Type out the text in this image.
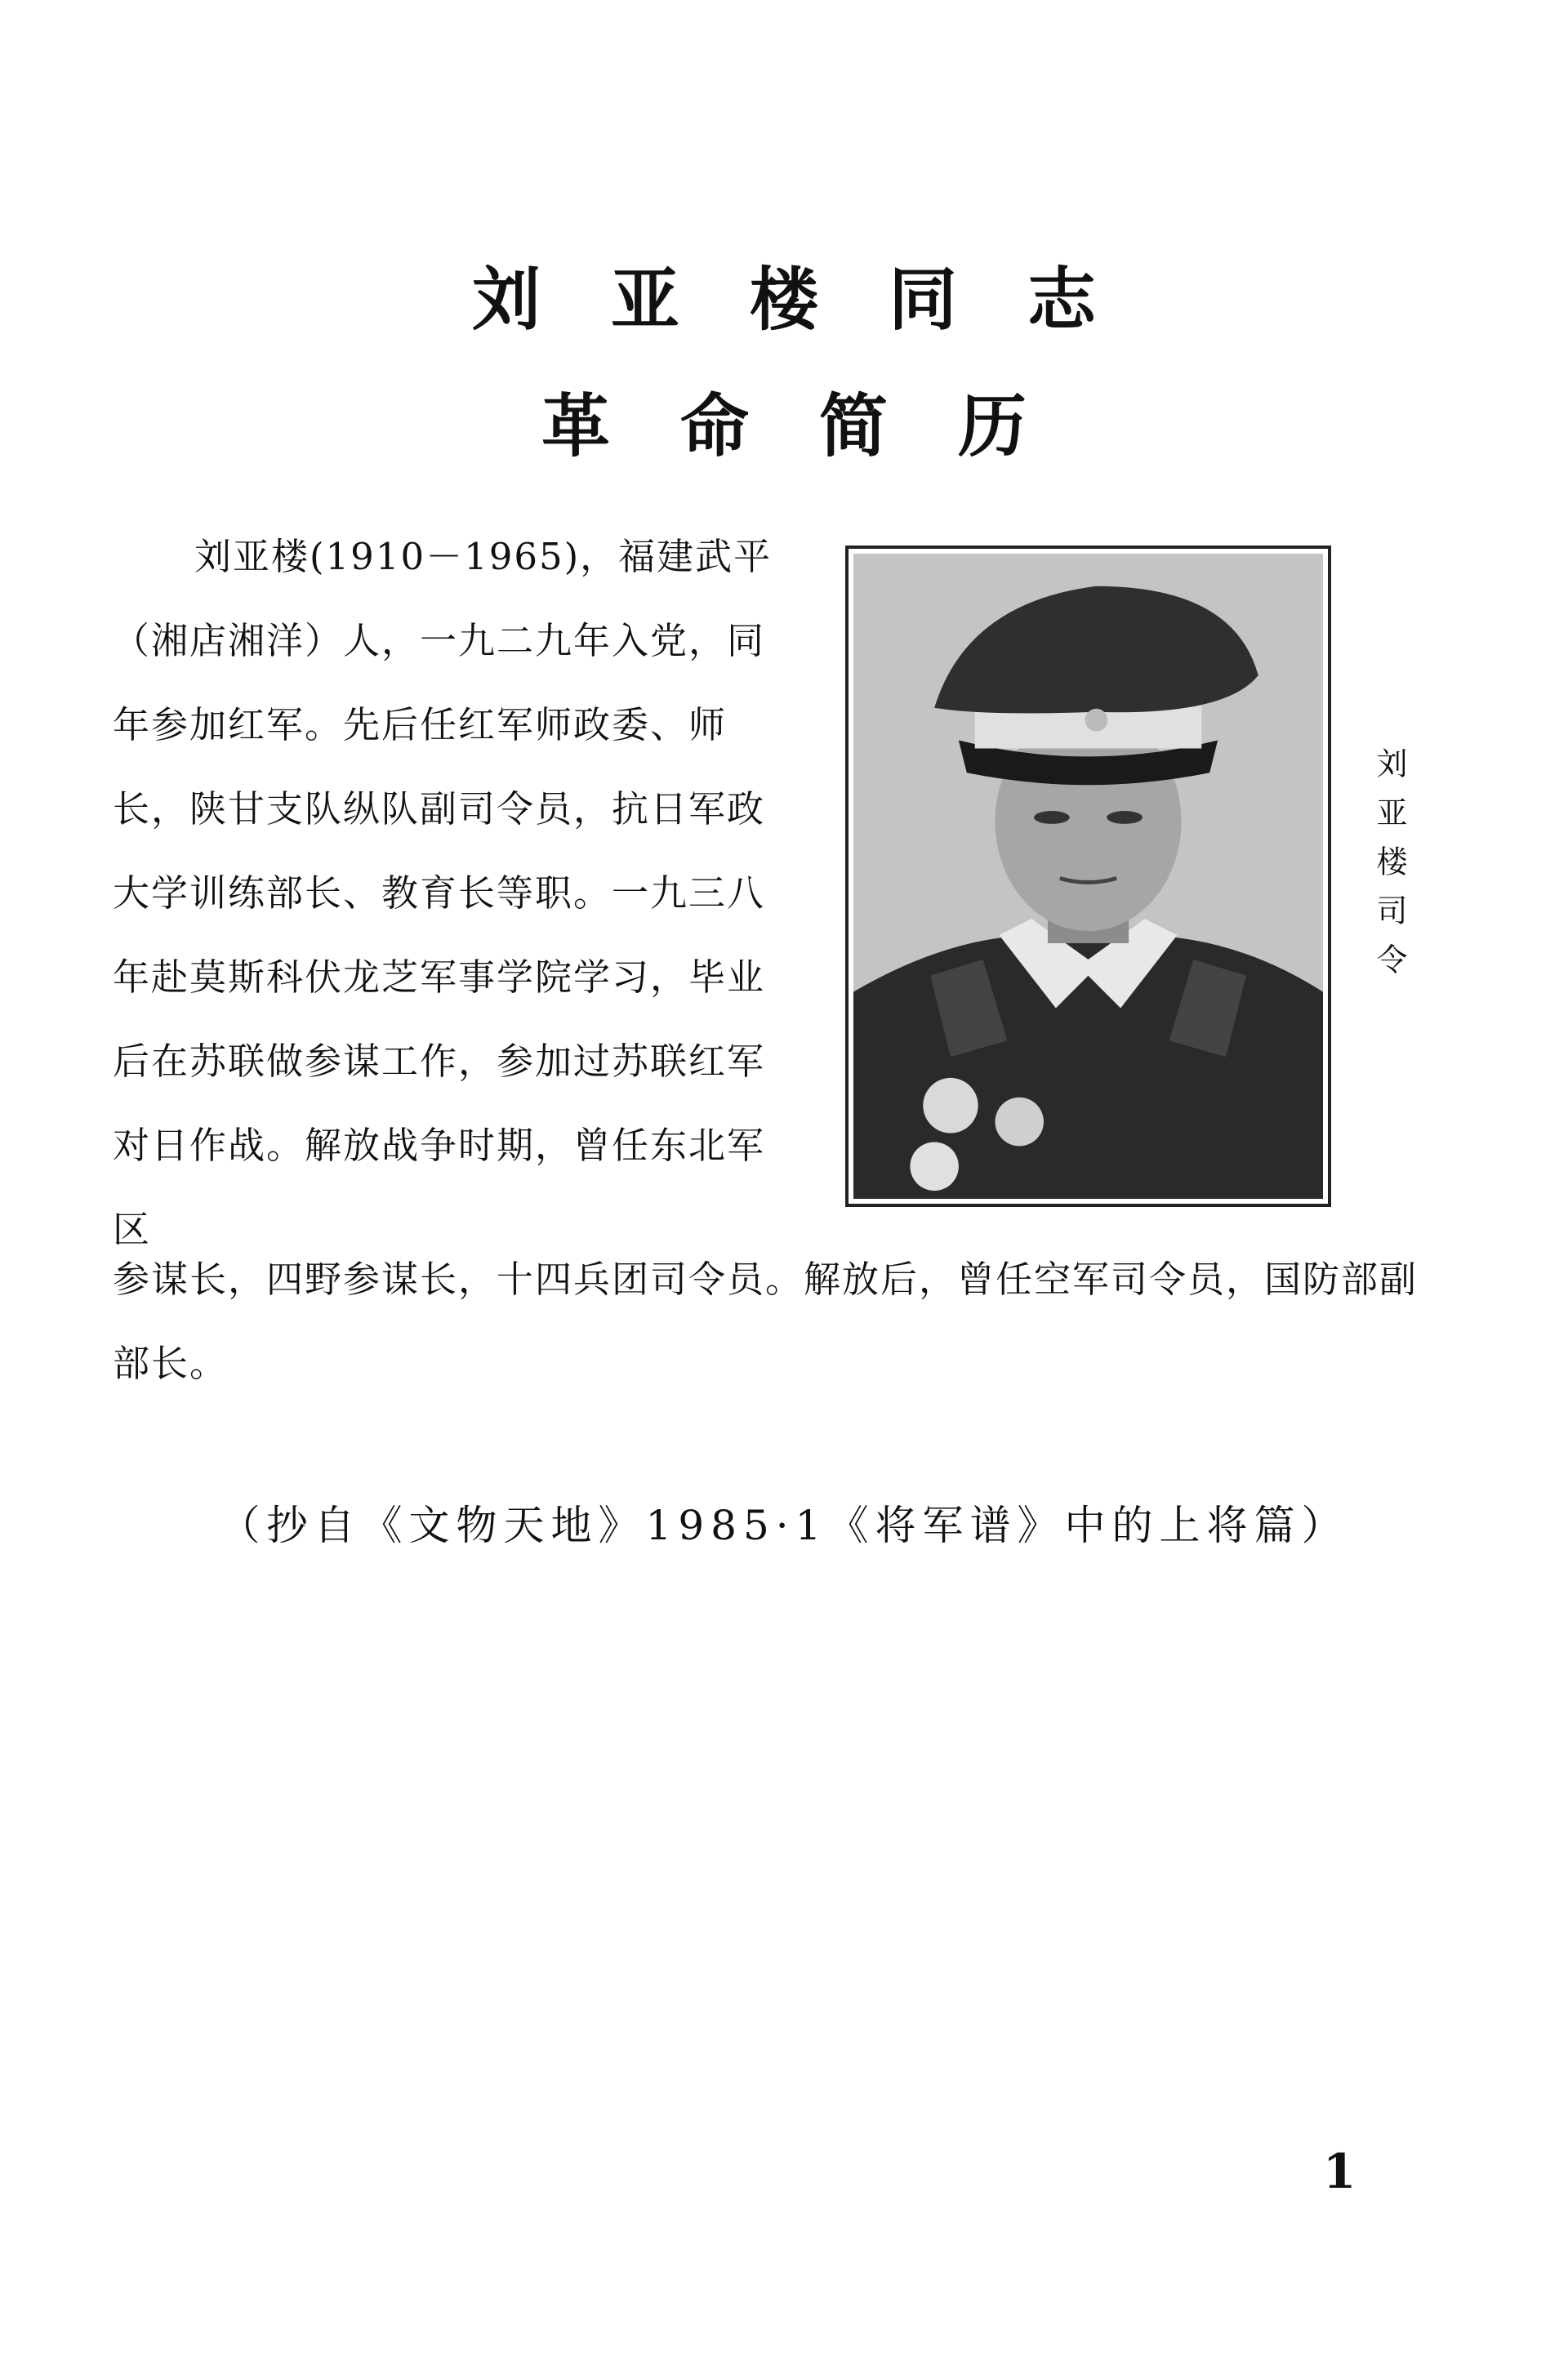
刘亚楼同志
革命简历

刘亚楼(1910－1965)，福建武平（湘店湘洋）人，一九二九年入党，同年参加红军。先后任红军师政委、师长，陕甘支队纵队副司令员，抗日军政大学训练部长、教育长等职。一九三八年赴莫斯科伏龙芝军事学院学习，毕业后在苏联做参谋工作，参加过苏联红军对日作战。解放战争时期，曾任东北军区

刘亚楼司令

参谋长，四野参谋长，十四兵团司令员。解放后，曾任空军司令员，国防部副部长。

（抄自《文物天地》1985·1《将军谱》中的上将篇）

1
